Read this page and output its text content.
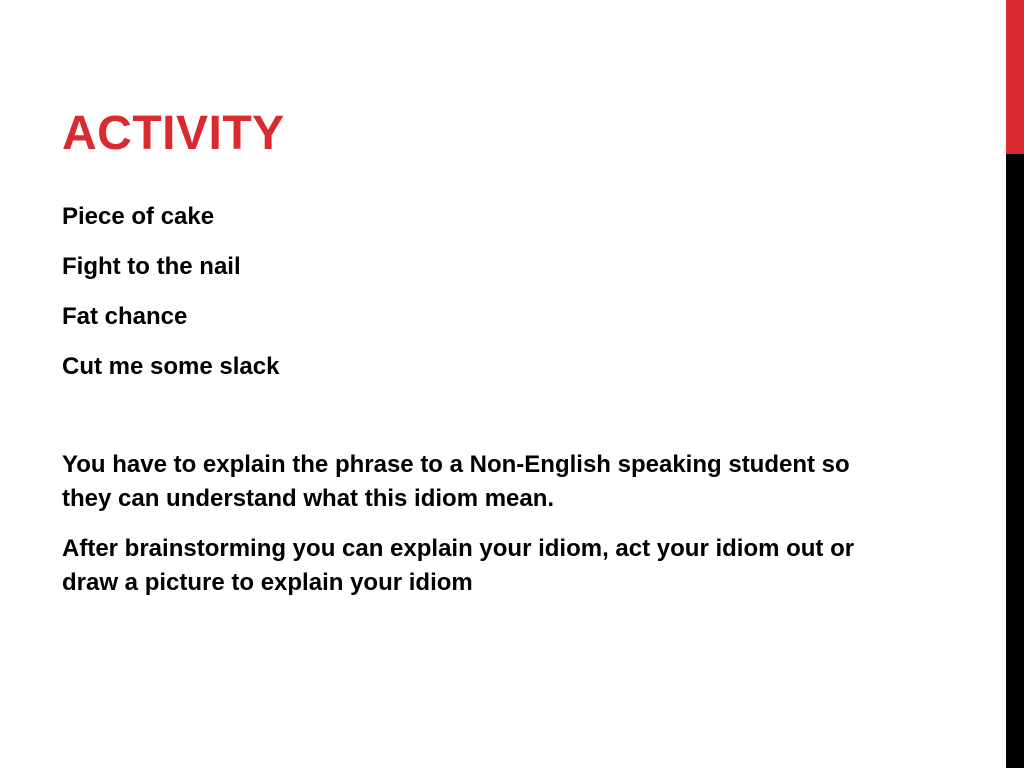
ACTIVITY

Piece of cake

Fight to the nail

Fat chance

Cut me some slack

You have to explain the phrase to a Non-English speaking student so they can understand what this idiom mean.

After brainstorming you can explain your idiom, act your idiom out or draw a picture to explain your idiom
